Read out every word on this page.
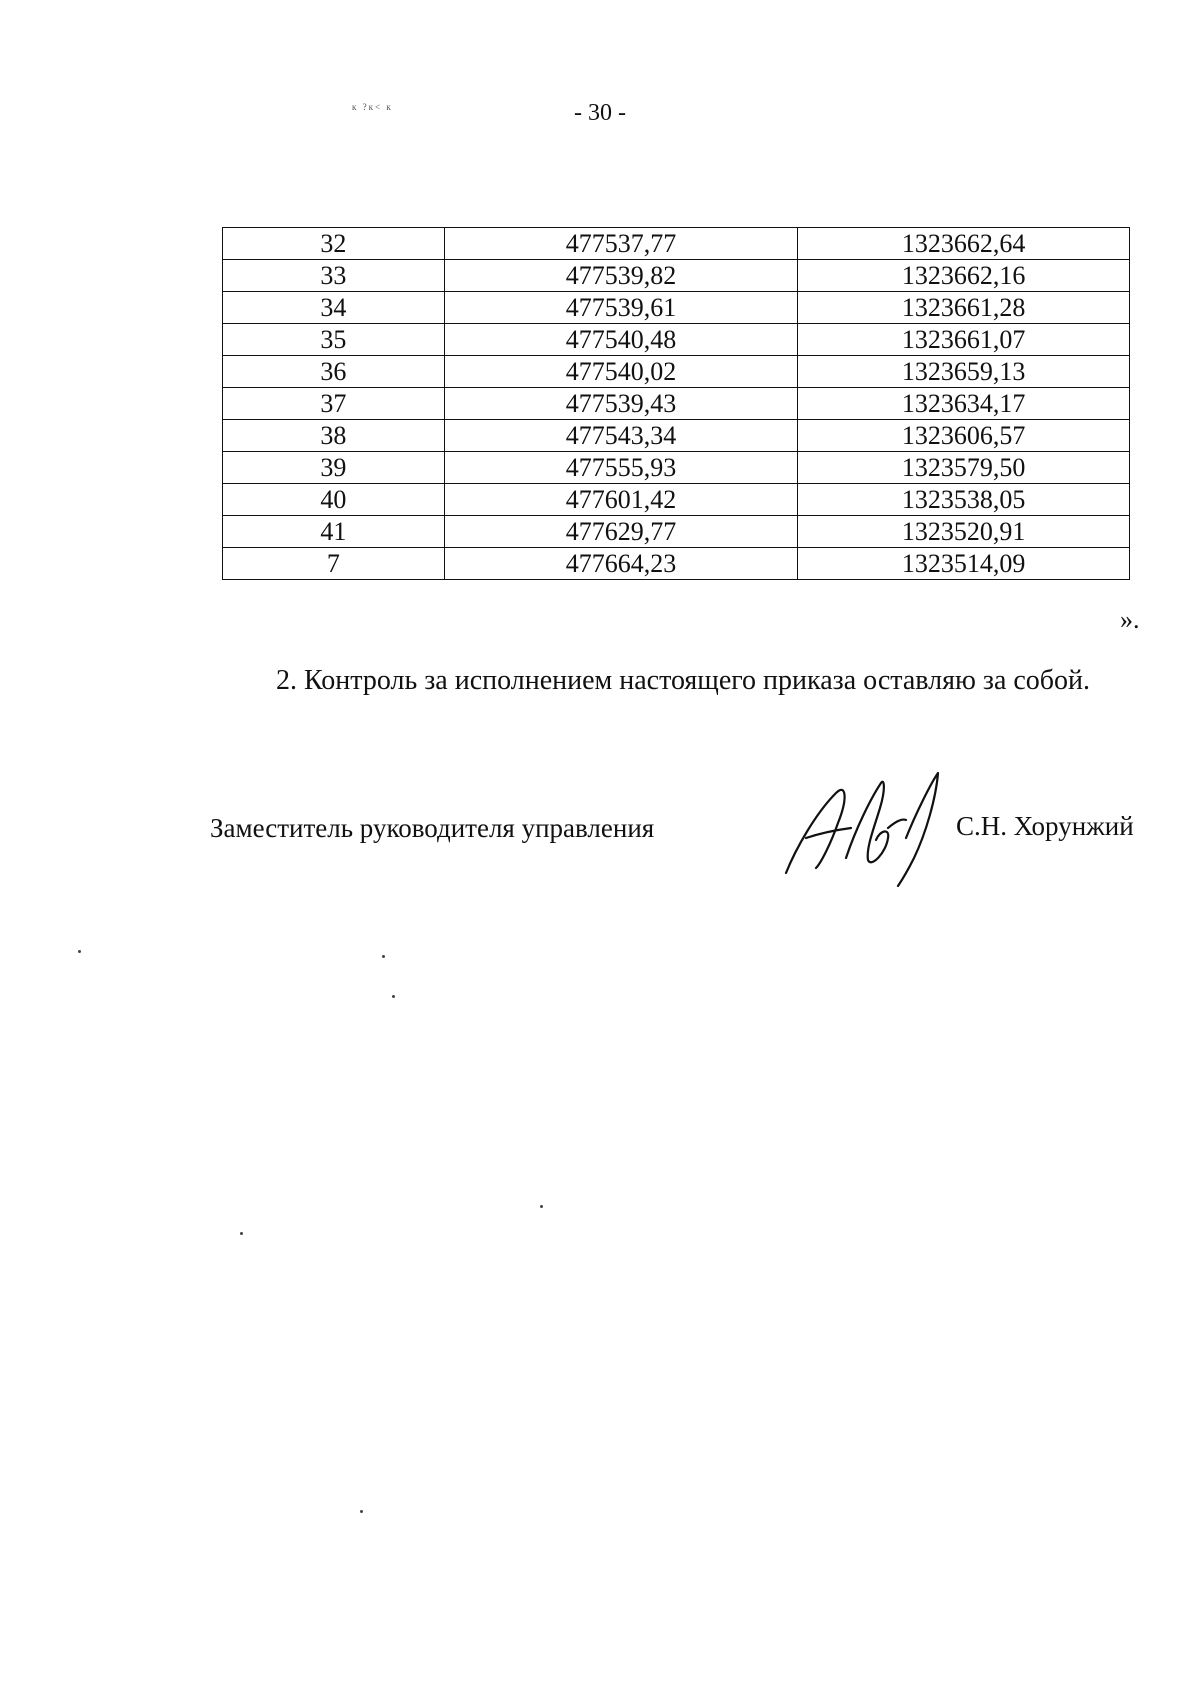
- 30 -
к ?к< к
32	477537,77	1323662,64
33	477539,82	1323662,16
34	477539,61	1323661,28
35	477540,48	1323661,07
36	477540,02	1323659,13
37	477539,43	1323634,17
38	477543,34	1323606,57
39	477555,93	1323579,50
40	477601,42	1323538,05
41	477629,77	1323520,91
7	477664,23	1323514,09
».
2. Контроль за исполнением настоящего приказа оставляю за собой.
Заместитель руководителя управления	С.Н. Хорунжий
